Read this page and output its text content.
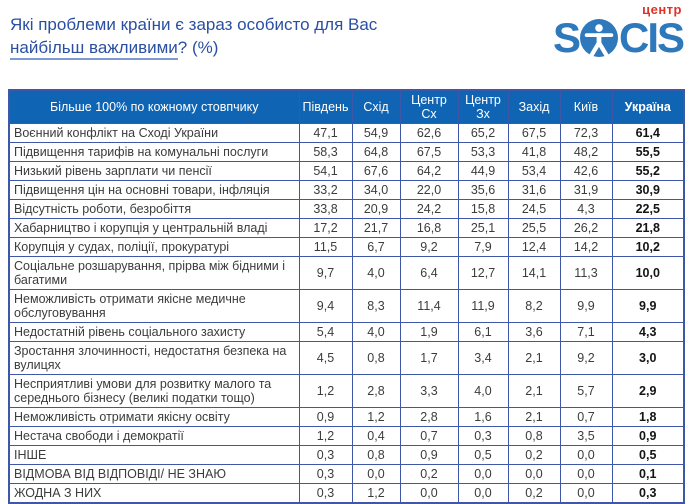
Які проблеми країни є зараз особисто для Вас
найбільш важливими? (%)
центр
S CIS
Більше 100% по кожному стовпчику	Південь	Схід	Центр Сх	Центр Зх	Захід	Київ	Україна
Воєнний конфлікт на Сході України	47,1	54,9	62,6	65,2	67,5	72,3	61,4
Підвищення тарифів на комунальні послуги	58,3	64,8	67,5	53,3	41,8	48,2	55,5
Низький рівень зарплати чи пенсії	54,1	67,6	64,2	44,9	53,4	42,6	55,2
Підвищення цін на основні товари, інфляція	33,2	34,0	22,0	35,6	31,6	31,9	30,9
Відсутність роботи, безробіття	33,8	20,9	24,2	15,8	24,5	4,3	22,5
Хабарництво і корупція у центральній владі	17,2	21,7	16,8	25,1	25,5	26,2	21,8
Корупція у судах, поліції, прокуратурі	11,5	6,7	9,2	7,9	12,4	14,2	10,2
Соціальне розшарування, прірва між бідними і багатими	9,7	4,0	6,4	12,7	14,1	11,3	10,0
Неможливість отримати якісне медичне обслуговування	9,4	8,3	11,4	11,9	8,2	9,9	9,9
Недостатній рівень соціального захисту	5,4	4,0	1,9	6,1	3,6	7,1	4,3
Зростання злочинності, недостатня безпека на вулицях	4,5	0,8	1,7	3,4	2,1	9,2	3,0
Несприятливі умови для розвитку малого та середнього бізнесу (великі податки тощо)	1,2	2,8	3,3	4,0	2,1	5,7	2,9
Неможливість отримати якісну освіту	0,9	1,2	2,8	1,6	2,1	0,7	1,8
Нестача свободи і демократії	1,2	0,4	0,7	0,3	0,8	3,5	0,9
ІНШЕ	0,3	0,8	0,9	0,5	0,2	0,0	0,5
ВІДМОВА ВІД ВІДПОВІДІ/ НЕ ЗНАЮ	0,3	0,0	0,2	0,0	0,0	0,0	0,1
ЖОДНА З НИХ	0,3	1,2	0,0	0,0	0,2	0,0	0,3
